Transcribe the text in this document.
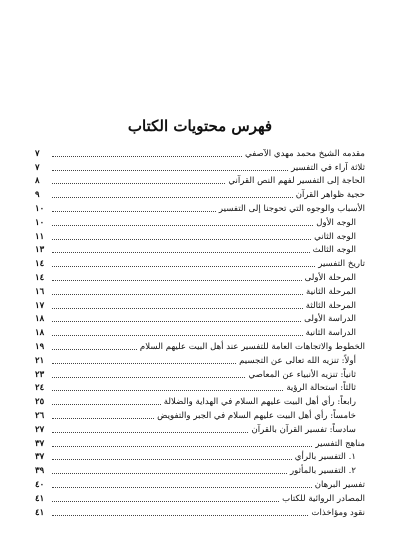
فهرس محتويات الكتاب
مقدمه الشيخ محمد مهدي الآصفي
٧
ثلاثة آراء في التفسير
٧
الحاجة إلى التفسير لفهم النص القرآني
٨
حجية ظواهر القرآن
٩
الأسباب والوجوه التي تحوجنا إلى التفسير
١٠
الوجه الأول
١٠
الوجه الثاني
١١
الوجه الثالث
١٣
تاريخ التفسير
١٤
المرحلة الأولى
١٤
المرحلة الثانية
١٦
المرحلة الثالثة
١٧
الدراسة الأولى
١٨
الدراسة الثانية
١٨
الخطوط والاتجاهات العامة للتفسير عند أهل البيت عليهم السلام
١٩
أولاً: تنزيه الله تعالى عن التجسيم
٢١
ثانياً: تنزيه الأنبياء عن المعاصي
٢٣
ثالثاً: استحالة الرؤية
٢٤
رابعاً: رأي أهل البيت عليهم السلام في الهداية والضلالة
٢٥
خامساً: رأي أهل البيت عليهم السلام في الجبر والتفويض
٢٦
سادساً: تفسير القرآن بالقرآن
٢٧
مناهج التفسير
٣٧
١. التفسير بالرأي
٣٧
٢. التفسير بالمأثور
٣٩
تفسير البرهان
٤٠
المصادر الروائية للكتاب
٤١
نقود ومؤاخذات
٤١
